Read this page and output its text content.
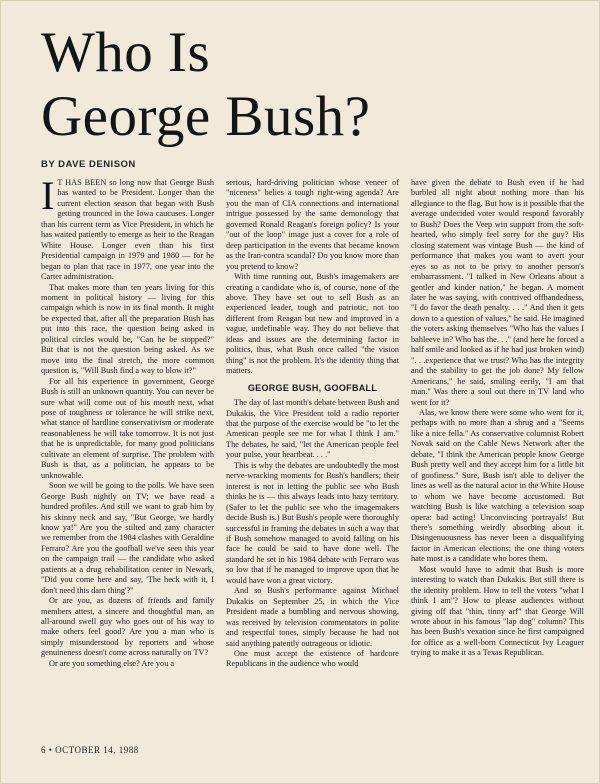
Who Is
George Bush?
BY DAVE DENISON

I T HAS BEEN so long now that George Bush has wanted to be President. Longer than the current election season that began with Bush getting trounced in the Iowa caucuses. Longer than his current term as Vice President, in which he has waited patiently to emerge as heir to the Reagan White House. Longer even than his first Presidential campaign in 1979 and 1980 — for he began to plan that race in 1977, one year into the Carter administration.

That makes more than ten years living for this moment in political history — living for this campaign which is now in its final month. It might be expected that, after all the preparation Bush has put into this race, the question being asked in political circles would be, "Can he be stopped?" But that is not the question being asked. As we move into the final stretch, the more common question is, "Will Bush find a way to blow it?"

For all his experience in government, George Bush is still an unknown quantity. You can never be sure what will come out of his mouth next, what pose of toughness or tolerance he will strike next, what stance of hardline conservativism or moderate reasonableness he will take tomorrow. It is not just that he is unpredictable, for many good politicians cultivate an element of surprise. The problem with Bush is that, as a politician, he appears to be unknowable.

Soon we will be going to the polls. We have seen George Bush nightly on TV; we have read a hundred profiles. And still we want to grab him by his skinny neck and say, "But George, we hardly know ya!" Are you the stilted and zany character we remember from the 1984 clashes with Geraldine Ferraro? Are you the goofball we've seen this year on the campaign trail — the candidate who asked patients at a drug rehabilitation center in Newark, "Did you come here and say, 'The heck with it, I don't need this darn thing'?"

Or are you, as dozens of friends and family members attest, a sincere and thoughtful man, an all-around swell guy who goes out of his way to make others feel good? Are you a man who is simply misunderstood by reporters and whose genuineness doesn't come across naturally on TV?

Or are you something else? Are you a

serious, hard-driving politician whose veneer of "niceness" belies a tough right-wing agenda? Are you the man of CIA connections and international intrigue possessed by the same demonology that governed Ronald Reagan's foreign policy? Is your "out of the loop" image just a cover for a role of deep participation in the events that became known as the Iran-contra scandal? Do you know more than you pretend to know?

With time running out, Bush's imagemakers are creating a candidate who is, of course, none of the above. They have set out to sell Bush as an experienced leader, tough and patriotic, not too different from Reagan but new and improved in a vague, undefinable way. They do not believe that ideas and issues are the determining factor in politics, thus, what Bush once called "the vision thing" is not the problem. It's the identity thing that matters.

GEORGE BUSH, GOOFBALL

The day of last month's debate between Bush and Dukakis, the Vice President told a radio reporter that the purpose of the exercise would be "to let the American people see me for what I think I am." The debates, he said, "let the American people feel your pulse, your heartbeat. . . ."

This is why the debates are undoubtedly the most nerve-wracking moments for Bush's handlers; their interest is not in letting the public see who Bush thinks he is — this always leads into hazy territory. (Safer to let the public see who the imagemakers decide Bush is.) But Bush's people were thoroughly successful in framing the debates in such a way that if Bush somehow managed to avoid falling on his face he could be said to have done well. The standard he set in his 1984 debate with Ferraro was so low that if he managed to improve upon that he would have won a great victory.

And so Bush's performance against Michael Dukakis on September 25, in which the Vice President made a bumbling and nervous showing, was received by television commentators in polite and respectful tones, simply because he had not said anything patently outrageous or idiotic.

One must accept the existence of hardcore Republicans in the audience who would

have given the debate to Bush even if he had burbled all night about nothing more than his allegiance to the flag. But how is it possible that the average undecided voter would respond favorably to Bush? Does the Veep win support from the soft-hearted, who simply feel sorry for the guy? His closing statement was vintage Bush — the kind of performance that makes you want to avert your eyes so as not to be privy to another person's embarrassment. "I talked in New Orleans about a gentler and kinder nation," he began. A moment later he was saying, with contrived offhandedness, "I do favor the death penalty. . . ." And then it gets down to a question of values," he said. He imagined the voters asking themselves "Who has the values I bahleeve in? Who has the. . ." (and here he forced a half smile and looked as if he had just broken wind) ". . .experience that we trust? Who has the integrity and the stability to get the job done? My fellow Americans," he said, smiling eerily, "I am that man." Was there a soul out there in TV land who went for it?

Alas, we know there were some who went for it, perhaps with no more than a shrug and a "Seems like a nice fella." As conservative columnist Robert Novak said on the Cable News Network after the debate, "I think the American people know George Bush pretty well and they accept him for a little bit of goofiness." Sure, Bush isn't able to deliver the lines as well as the natural actor in the White House to whom we have become accustomed. But watching Bush is like watching a television soap opera: bad acting! Unconvincing portrayals! But there's something weirdly absorbing about it. Disingenuousness has never been a disqualifying factor in American elections; the one thing voters hate most is a candidate who bores them.

Most would have to admit that Bush is more interesting to watch than Dukakis. But still there is the identity problem. How to tell the voters "what I think I am"? How to please audiences without giving off that "thin, tinny arf" that George Will wrote about in his famous "lap dog" column? This has been Bush's vexation since he first campaigned for office as a well-born Connecticut Ivy Leaguer trying to make it as a Texas Republican.

6 • OCTOBER 14, 1988
